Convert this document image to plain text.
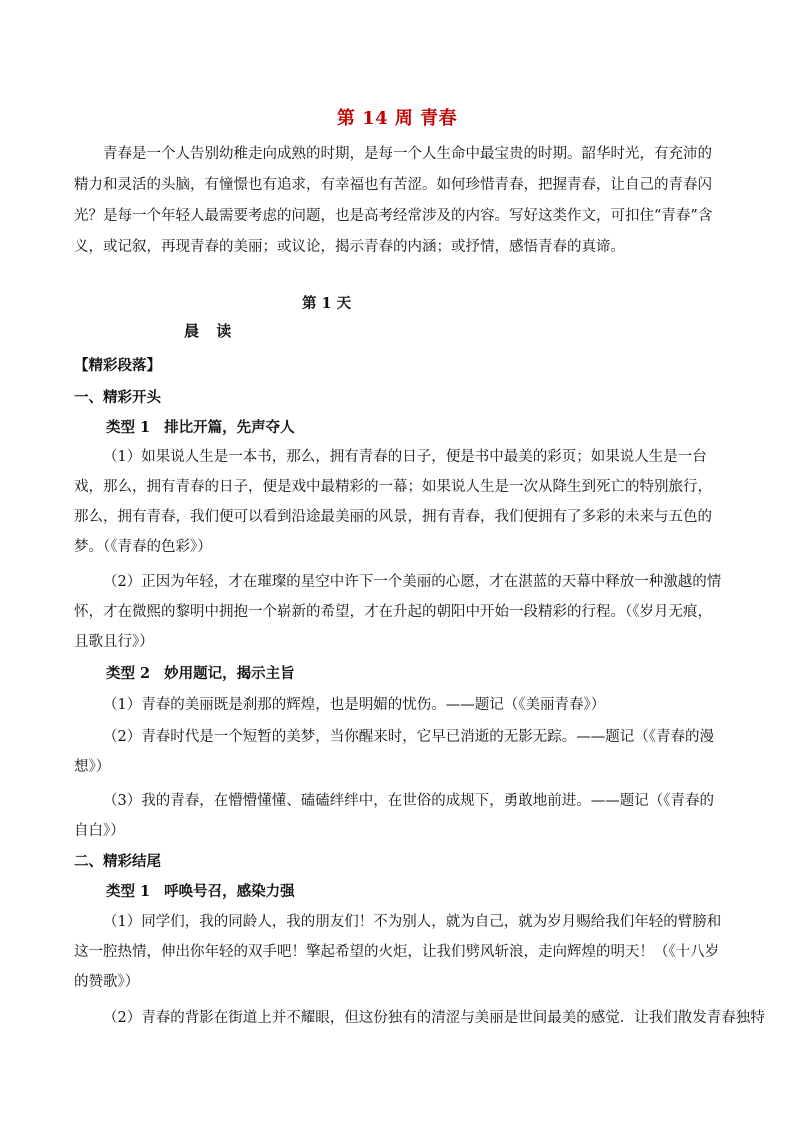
第 14 周 青春

青春是一个人告别幼稚走向成熟的时期，是每一个人生命中最宝贵的时期。韶华时光，有充沛的精力和灵活的头脑，有憧憬也有追求，有幸福也有苦涩。如何珍惜青春，把握青春，让自己的青春闪光？是每一个年轻人最需要考虑的问题，也是高考经常涉及的内容。写好这类作文，可扣住“青春”含义，或记叙，再现青春的美丽；或议论，揭示青春的内涵；或抒情，感悟青春的真谛。

第 1 天
晨 读
【精彩段落】
一、精彩开头
类型 1 排比开篇，先声夺人

（1）如果说人生是一本书，那么，拥有青春的日子，便是书中最美的彩页；如果说人生是一台戏，那么，拥有青春的日子，便是戏中最精彩的一幕；如果说人生是一次从降生到死亡的特别旅行，那么，拥有青春，我们便可以看到沿途最美丽的风景，拥有青春，我们便拥有了多彩的未来与五色的梦。（《青春的色彩》）

（2）正因为年轻，才在璀璨的星空中许下一个美丽的心愿，才在湛蓝的天幕中释放一种激越的情怀，才在微熙的黎明中拥抱一个崭新的希望，才在升起的朝阳中开始一段精彩的行程。（《岁月无痕，且歌且行》）

类型 2 妙用题记，揭示主旨

（1）青春的美丽既是刹那的辉煌，也是明媚的忧伤。——题记（《美丽青春》）

（2）青春时代是一个短暂的美梦，当你醒来时，它早已消逝的无影无踪。——题记（《青春的漫想》）

（3）我的青春，在懵懵懂懂、磕磕绊绊中，在世俗的成规下，勇敢地前进。——题记（《青春的自白》）

二、精彩结尾
类型 1 呼唤号召，感染力强

（1）同学们，我的同龄人，我的朋友们！不为别人，就为自己，就为岁月赐给我们年轻的臂膀和这一腔热情，伸出你年轻的双手吧！擎起希望的火炬，让我们劈风斩浪，走向辉煌的明天！（《十八岁的赞歌》）

（2）青春的背影在街道上并不耀眼，但这份独有的清涩与美丽是世间最美的感觉．让我们散发青春独特
